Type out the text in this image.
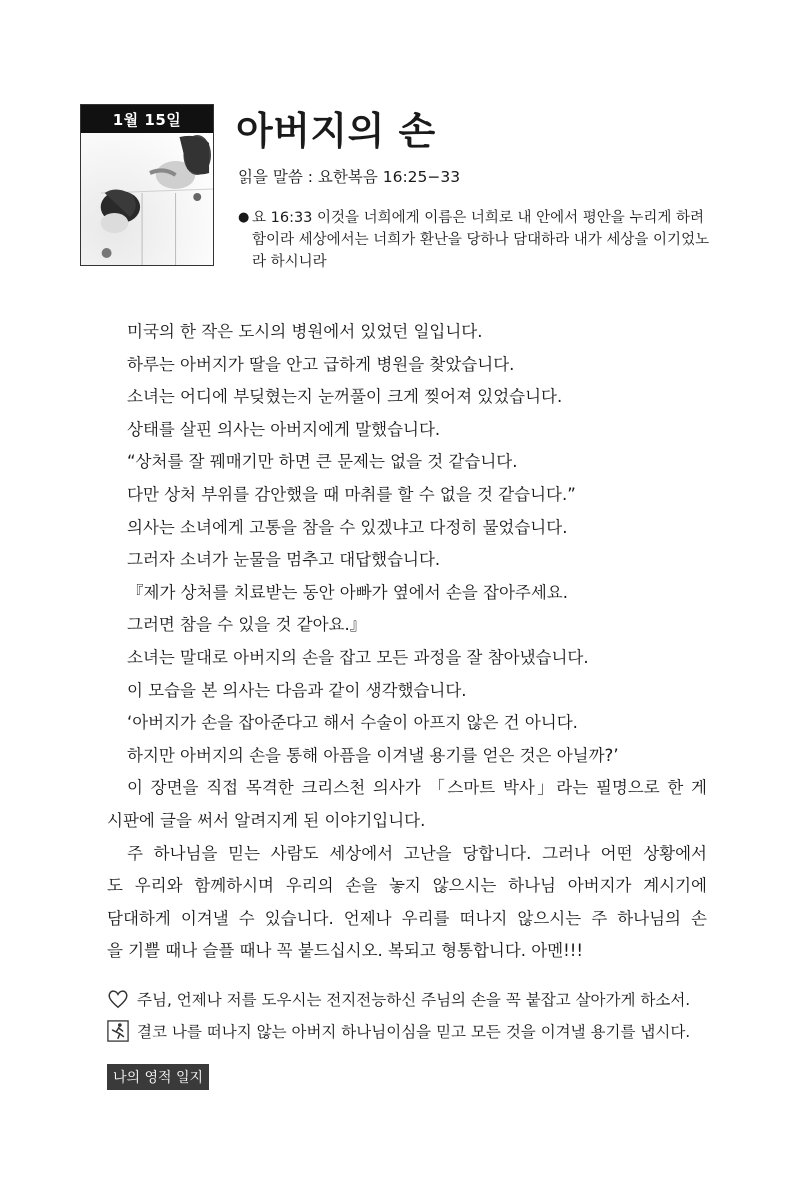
1월 15일	아버지의 손
읽을 말씀 : 요한복음 16:25−33
● 요 16:33 이것을 너희에게 이름은 너희로 내 안에서 평안을 누리게 하려함이라 세상에서는 너희가 환난을 당하나 담대하라 내가 세상을 이기었노라 하시니라
미국의 한 작은 도시의 병원에서 있었던 일입니다.
하루는 아버지가 딸을 안고 급하게 병원을 찾았습니다.
소녀는 어디에 부딪혔는지 눈꺼풀이 크게 찢어져 있었습니다.
상태를 살핀 의사는 아버지에게 말했습니다.
“상처를 잘 꿰매기만 하면 큰 문제는 없을 것 같습니다.
다만 상처 부위를 감안했을 때 마취를 할 수 없을 것 같습니다.”
의사는 소녀에게 고통을 참을 수 있겠냐고 다정히 물었습니다.
그러자 소녀가 눈물을 멈추고 대답했습니다.
『제가 상처를 치료받는 동안 아빠가 옆에서 손을 잡아주세요.
그러면 참을 수 있을 것 같아요.』
소녀는 말대로 아버지의 손을 잡고 모든 과정을 잘 참아냈습니다.
이 모습을 본 의사는 다음과 같이 생각했습니다.
‘아버지가 손을 잡아준다고 해서 수술이 아프지 않은 건 아니다.
하지만 아버지의 손을 통해 아픔을 이겨낼 용기를 얻은 것은 아닐까?’
이 장면을 직접 목격한 크리스천 의사가 「스마트 박사」라는 필명으로 한 게
시판에 글을 써서 알려지게 된 이야기입니다.
주 하나님을 믿는 사람도 세상에서 고난을 당합니다. 그러나 어떤 상황에서
도 우리와 함께하시며 우리의 손을 놓지 않으시는 하나님 아버지가 계시기에
담대하게 이겨낼 수 있습니다. 언제나 우리를 떠나지 않으시는 주 하나님의 손
을 기쁠 때나 슬플 때나 꼭 붙드십시오. 복되고 형통합니다. 아멘!!!
주님, 언제나 저를 도우시는 전지전능하신 주님의 손을 꼭 붙잡고 살아가게 하소서.
결코 나를 떠나지 않는 아버지 하나님이심을 믿고 모든 것을 이겨낼 용기를 냅시다.
나의 영적 일지
